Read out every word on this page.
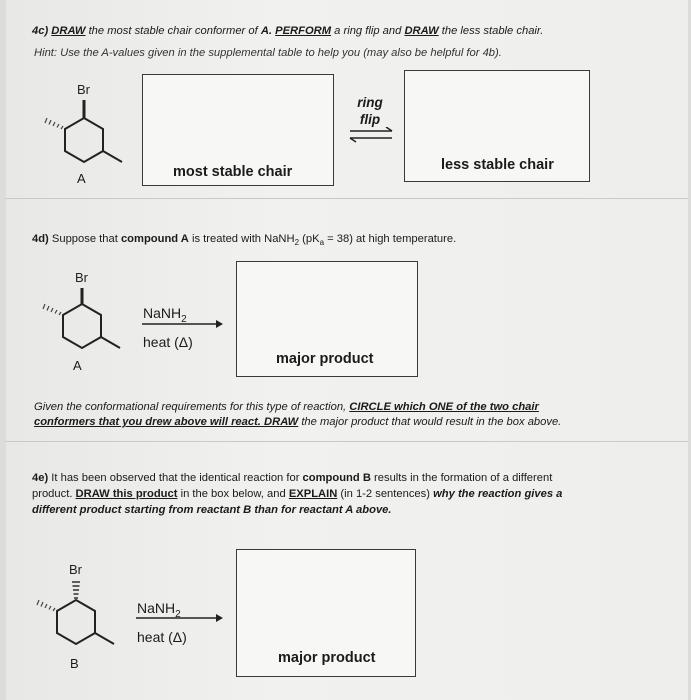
4c) DRAW the most stable chair conformer of A. PERFORM a ring flip and DRAW the less stable chair.
Hint: Use the A-values given in the supplemental table to help you (may also be helpful for 4b).
Br
A	most stable chair
ring
flip
less stable chair
4d) Suppose that compound A is treated with NaNH$_2$ $(pK_a = 38)$ at high temperature.
Br
A
NaNH$_2$
heat (Δ)
major product
Given the conformational requirements for this type of reaction, CIRCLE which ONE of the two chair
conformers that you drew above will react. DRAW the major product that would result in the box above.
4e) It has been observed that the identical reaction for compound B results in the formation of a different
product. DRAW this product in the box below, and EXPLAIN (in 1-2 sentences) why the reaction gives a
different product starting from reactant B than for reactant A above.
Br
B
NaNH$_2$
heat (Δ)
major product
